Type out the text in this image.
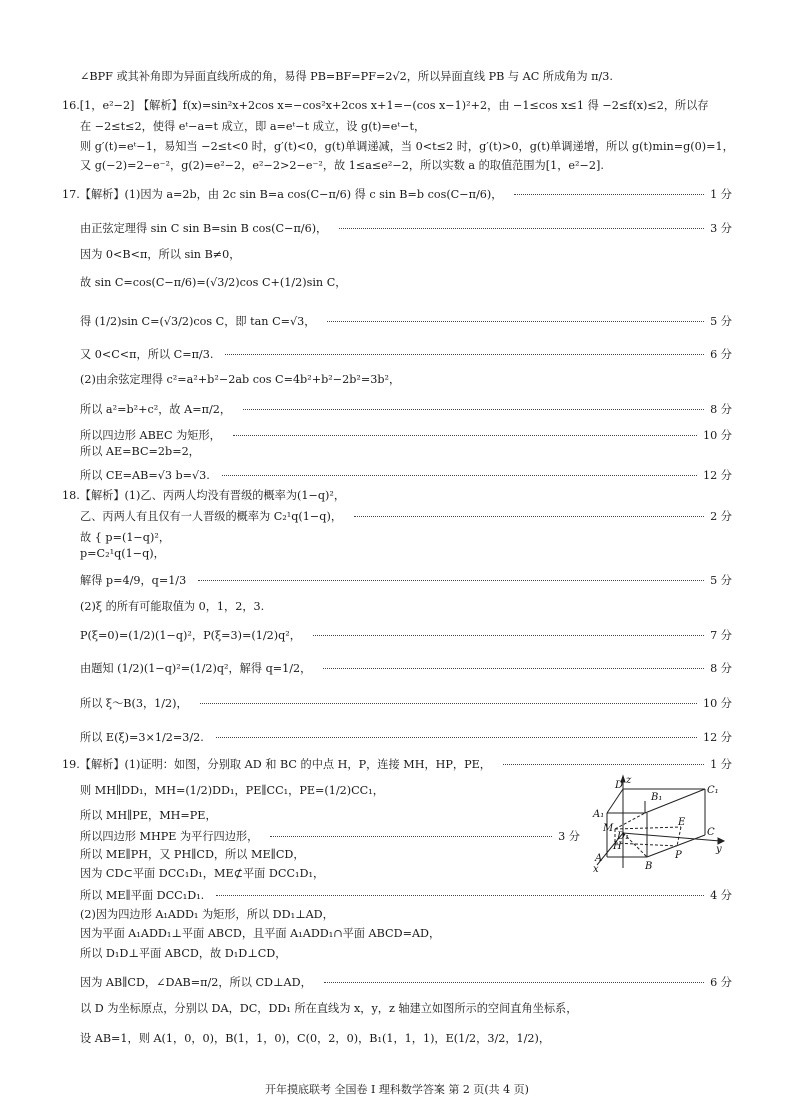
∠BPF 或其补角即为异面直线所成的角，易得 PB=BF=PF=2√2，所以异面直线 PB 与 AC 所成角为 π/3.
16.[1，e²−2] 【解析】f(x)=sin²x+2cos x=−cos²x+2cos x+1=−(cos x−1)²+2，由 −1≤cos x≤1 得 −2≤f(x)≤2，所以存
在 −2≤t≤2，使得 eᵗ−a=t 成立，即 a=eᵗ−t 成立，设 g(t)=eᵗ−t，
则 g′(t)=eᵗ−1，易知当 −2≤t<0 时，g′(t)<0，g(t)单调递减，当 0<t≤2 时，g′(t)>0，g(t)单调递增，所以 g(t)min=g(0)=1，
又 g(−2)=2−e⁻²，g(2)=e²−2，e²−2>2−e⁻²，故 1≤a≤e²−2，所以实数 a 的取值范围为[1，e²−2].
17.【解析】(1)因为 a=2b，由 2c sin B=a cos(C−π/6) 得 c sin B=b cos(C−π/6)，	1 分
由正弦定理得 sin C sin B=sin B cos(C−π/6)，	3 分
因为 0<B<π，所以 sin B≠0，
故 sin C=cos(C−π/6)=(√3/2)cos C+(1/2)sin C，
得 (1/2)sin C=(√3/2)cos C，即 tan C=√3，	5 分
又 0<C<π，所以 C=π/3.	6 分
(2)由余弦定理得 c²=a²+b²−2ab cos C=4b²+b²−2b²=3b²，
所以 a²=b²+c²，故 A=π/2，	8 分
所以四边形 ABEC 为矩形，	10 分
所以 AE=BC=2b=2，
所以 CE=AB=√3 b=√3.	12 分
18.【解析】(1)乙、丙两人均没有晋级的概率为(1−q)²，
乙、丙两人有且仅有一人晋级的概率为 C₂¹q(1−q)，	2 分
故 { p=(1−q)²，
p=C₂¹q(1−q)，
解得 p=4/9，q=1/3	5 分
(2)ξ 的所有可能取值为 0，1，2，3.
P(ξ=0)=(1/2)(1−q)²，P(ξ=3)=(1/2)q²，	7 分
由题知 (1/2)(1−q)²=(1/2)q²，解得 q=1/2，	8 分
所以 ξ～B(3，1/2)，	10 分
所以 E(ξ)=3×1/2=3/2.	12 分
19.【解析】(1)证明：如图，分别取 AD 和 BC 的中点 H，P，连接 MH，HP，PE，	1 分
则 MH∥DD₁，MH=(1/2)DD₁，PE∥CC₁，PE=(1/2)CC₁，
所以 MH∥PE，MH=PE，
所以四边形 MHPE 为平行四边形，	3 分
所以 ME∥PH，又 PH∥CD，所以 ME∥CD，
因为 CD⊂平面 DCC₁D₁，ME⊄平面 DCC₁D₁，
所以 ME∥平面 DCC₁D₁.	4 分
(2)因为四边形 A₁ADD₁ 为矩形，所以 DD₁⊥AD，
因为平面 A₁ADD₁⊥平面 ABCD，且平面 A₁ADD₁∩平面 ABCD=AD，
所以 D₁D⊥平面 ABCD，故 D₁D⊥CD，
因为 AB∥CD，∠DAB=π/2，所以 CD⊥AD，	6 分
以 D 为坐标原点，分别以 DA，DC，DD₁ 所在直线为 x，y，z 轴建立如图所示的空间直角坐标系，
设 AB=1，则 A(1，0，0)，B(1，1，0)，C(0，2，0)，B₁(1，1，1)，E(1/2，3/2，1/2)，
D z
B₁
C₁
A₁
M
D₁
E
H
C
y
A	P
B
x
开年摸底联考 全国卷 I 理科数学答案 第 2 页(共 4 页)
